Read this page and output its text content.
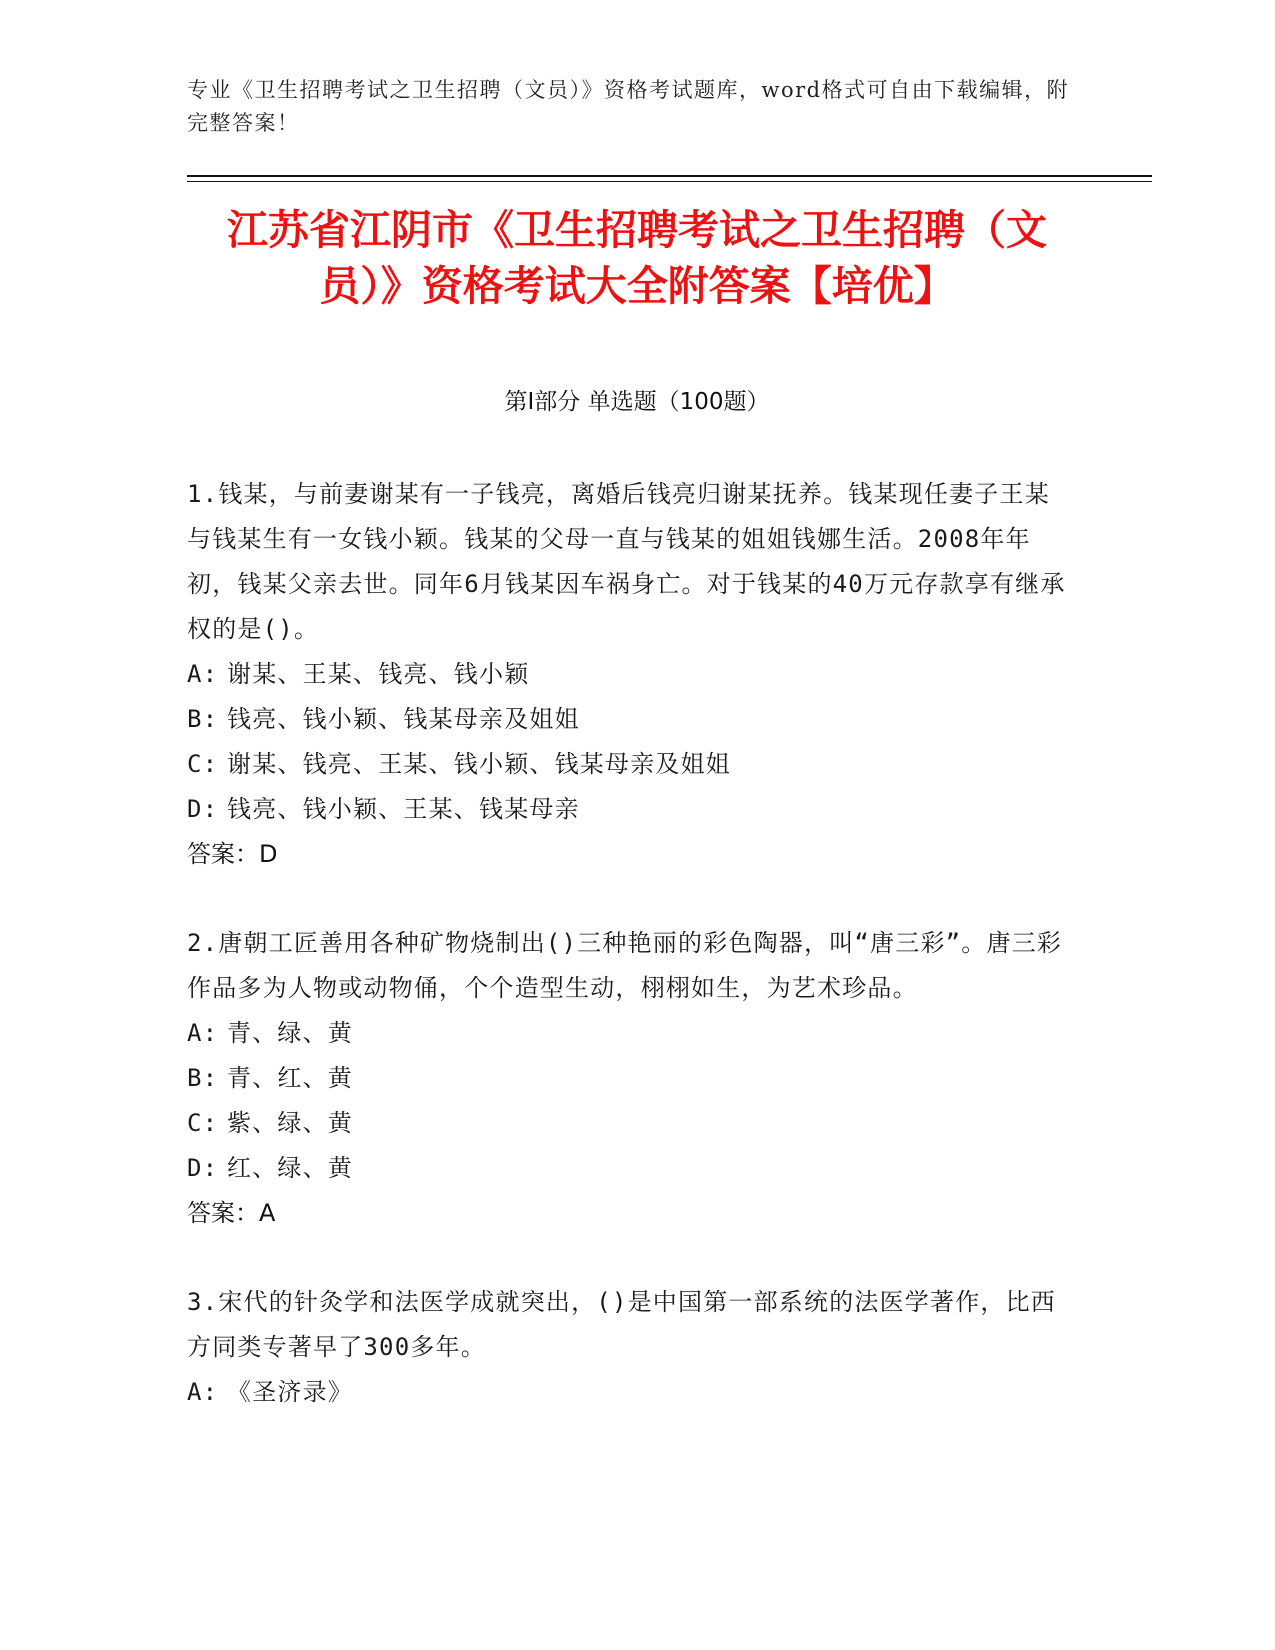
专业《卫生招聘考试之卫生招聘（文员）》资格考试题库，word格式可自由下载编辑，附完整答案！
江苏省江阴市《卫生招聘考试之卫生招聘（文员）》资格考试大全附答案【培优】
第Ⅰ部分 单选题（100题）
1.钱某，与前妻谢某有一子钱亮，离婚后钱亮归谢某抚养。钱某现任妻子王某与钱某生有一女钱小颖。钱某的父母一直与钱某的姐姐钱娜生活。2008年年初，钱某父亲去世。同年6月钱某因车祸身亡。对于钱某的40万元存款享有继承权的是()。
A: 谢某、王某、钱亮、钱小颖
B: 钱亮、钱小颖、钱某母亲及姐姐
C: 谢某、钱亮、王某、钱小颖、钱某母亲及姐姐
D: 钱亮、钱小颖、王某、钱某母亲
答案：D
2.唐朝工匠善用各种矿物烧制出()三种艳丽的彩色陶器，叫“唐三彩”。唐三彩作品多为人物或动物俑，个个造型生动，栩栩如生，为艺术珍品。
A: 青、绿、黄
B: 青、红、黄
C: 紫、绿、黄
D: 红、绿、黄
答案：A
3.宋代的针灸学和法医学成就突出，()是中国第一部系统的法医学著作，比西方同类专著早了300多年。
A: 《圣济录》
